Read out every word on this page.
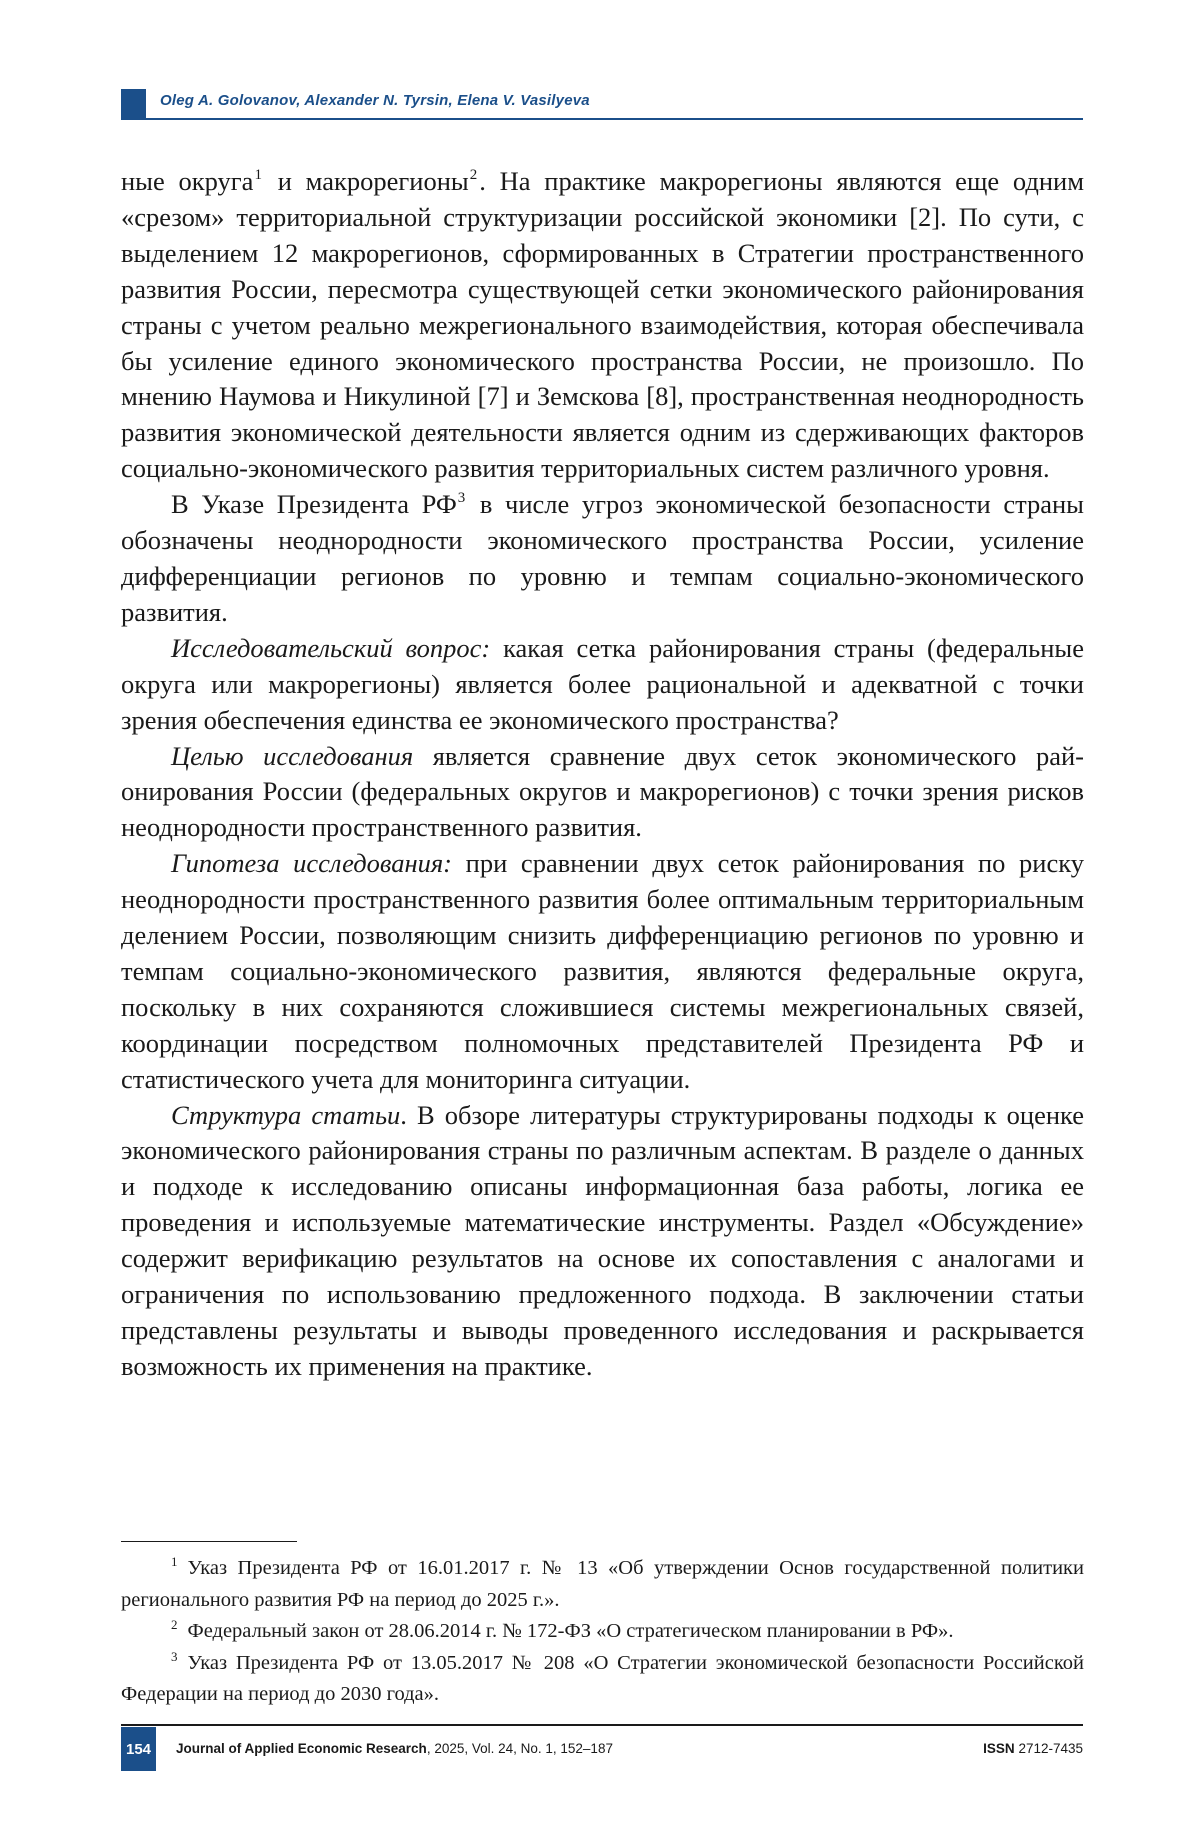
Oleg A. Golovanov, Alexander N. Tyrsin, Elena V. Vasilyeva

ные округа$^1$ и макрорегионы$^2$. На практике макрорегионы являются еще одним «срезом» территориальной структуризации российской экономики [2]. По сути, с выделением 12 макрорегионов, сформированных в Стратегии пространственного развития России, пересмотра существующей сетки экономического районирования страны с учетом реально межрегионального взаимодействия, которая обеспечивала бы усиление единого экономического пространства России, не произошло. По мнению Наумова и Никулиной [7] и Земскова [8], пространственная неоднородность развития экономической деятельности является одним из сдерживающих факторов социально-экономического развития территориальных систем различного уровня.

В Указе Президента РФ$^3$ в числе угроз экономической безопасности страны обозначены неоднородности экономического пространства России, усиление дифференциации регионов по уровню и темпам социально-экономического развития.

Исследовательский вопрос: какая сетка районирования страны (федеральные округа или макрорегионы) является более рациональной и адекватной с точки зрения обеспечения единства ее экономического пространства?

Целью исследования является сравнение двух сеток экономического районирования России (федеральных округов и макрорегионов) с точки зрения рисков неоднородности пространственного развития.

Гипотеза исследования: при сравнении двух сеток районирования по риску неоднородности пространственного развития более оптимальным территориальным делением России, позволяющим снизить дифференциацию регионов по уровню и темпам социально-экономического развития, являются федеральные округа, поскольку в них сохраняются сложившиеся системы межрегиональных связей, координации посредством полномочных представителей Президента РФ и статистического учета для мониторинга ситуации.

Структура статьи. В обзоре литературы структурированы подходы к оценке экономического районирования страны по различным аспектам. В разделе о данных и подходе к исследованию описаны информационная база работы, логика ее проведения и используемые математические инструменты. Раздел «Обсуждение» содержит верификацию результатов на основе их сопоставления с аналогами и ограничения по использованию предложенного подхода. В заключении статьи представлены результаты и выводы проведенного исследования и раскрывается возможность их применения на практике.

$^1$ Указ Президента РФ от 16.01.2017 г. № 13 «Об утверждении Основ государственной политики регионального развития РФ на период до 2025 г.».

$^2$ Федеральный закон от 28.06.2014 г. № 172-ФЗ «О стратегическом планировании в РФ».

$^3$ Указ Президента РФ от 13.05.2017 № 208 «О Стратегии экономической безопасности Российской Федерации на период до 2030 года».

154	Journal of Applied Economic Research, 2025, Vol. 24, No. 1, 152–187	ISSN 2712-7435
